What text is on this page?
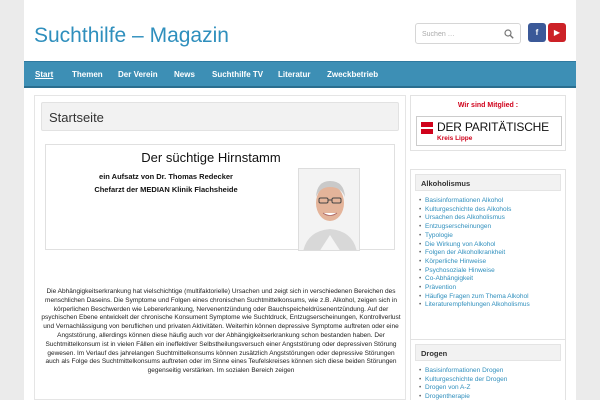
Suchthilfe – Magazin
Suchen …	f	▶
Start Themen Der Verein News Suchthilfe TV Literatur Zweckbetrieb
Startseite
Der süchtige Hirnstamm
ein Aufsatz von Dr. Thomas Redecker
Chefarzt der MEDIAN Klinik Flachsheide
Die Abhängigkeitserkrankung hat vielschichtige (multifaktorielle) Ursachen und zeigt sich in verschiedenen Bereichen des menschlichen Daseins. Die Symptome und Folgen eines chronischen Suchtmittelkonsums, wie z.B. Alkohol, zeigen sich in körperlichen Beschwerden wie Lebererkrankung, Nervenentzündung oder Bauchspeicheldrüsenentzündung. Auf der psychischen Ebene entwickelt der chronische Konsument Symptome wie Suchtdruck, Entzugserscheinungen, Kontrollverlust und Vernachlässigung von beruflichen und privaten Aktivitäten. Weiterhin können depressive Symptome auftreten oder eine Angststörung, allerdings können diese häufig auch vor der Abhängigkeitserkrankung schon bestanden haben. Der Suchtmittelkonsum ist in vielen Fällen ein ineffektiver Selbstheilungsversuch einer Angststörung oder depressiven Störung gewesen. Im Verlauf des jahrelangen Suchtmittelkonsums können zusätzlich Angststörungen oder depressive Störungen auch als Folge des Suchtmittelkonsums auftreten oder im Sinne eines Teufelskreises können sich diese beiden Störungen gegenseitig verstärken. Im sozialen Bereich zeigen
Wir sind Mitglied :
DER PARITÄTISCHE
Kreis Lippe
Alkoholismus
• Basisinformationen Alkohol
• Kulturgeschichte des Alkohols
• Ursachen des Alkoholismus
• Entzugserscheinungen
• Typologie
• Die Wirkung von Alkohol
• Folgen der Alkoholkrankheit
• Körperliche Hinweise
• Psychosoziale Hinweise
• Co-Abhängigkeit
• Prävention
• Häufige Fragen zum Thema Alkohol
• Literaturempfehlungen Alkoholismus
Drogen
• Basisinformationen Drogen
• Kulturgeschichte der Drogen
• Drogen von A-Z
• Drogentherapie
